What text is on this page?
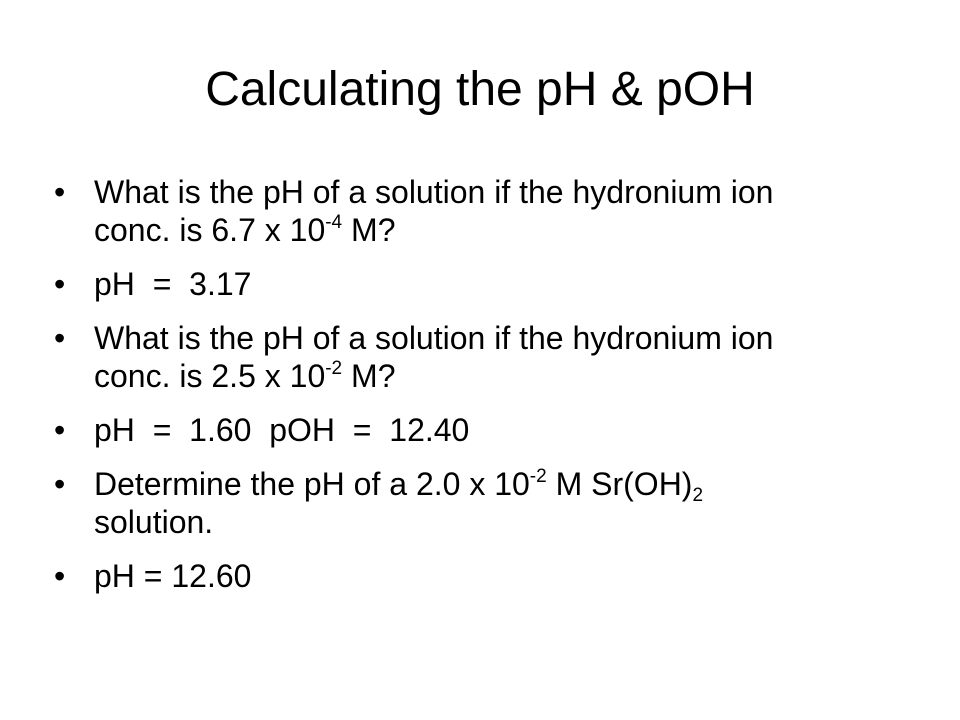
Calculating the pH & pOH
• What is the pH of a solution if the hydronium ion conc. is 6.7 x $10^{-4}$ M?
• pH  =  3.17
• What is the pH of a solution if the hydronium ion conc. is 2.5 x $10^{-2}$ M?
• pH  =  1.60  pOH  =  12.40
• Determine the pH of a 2.0 x $10^{-2}$ M $Sr(OH)_2$ solution.
• pH = 12.60
